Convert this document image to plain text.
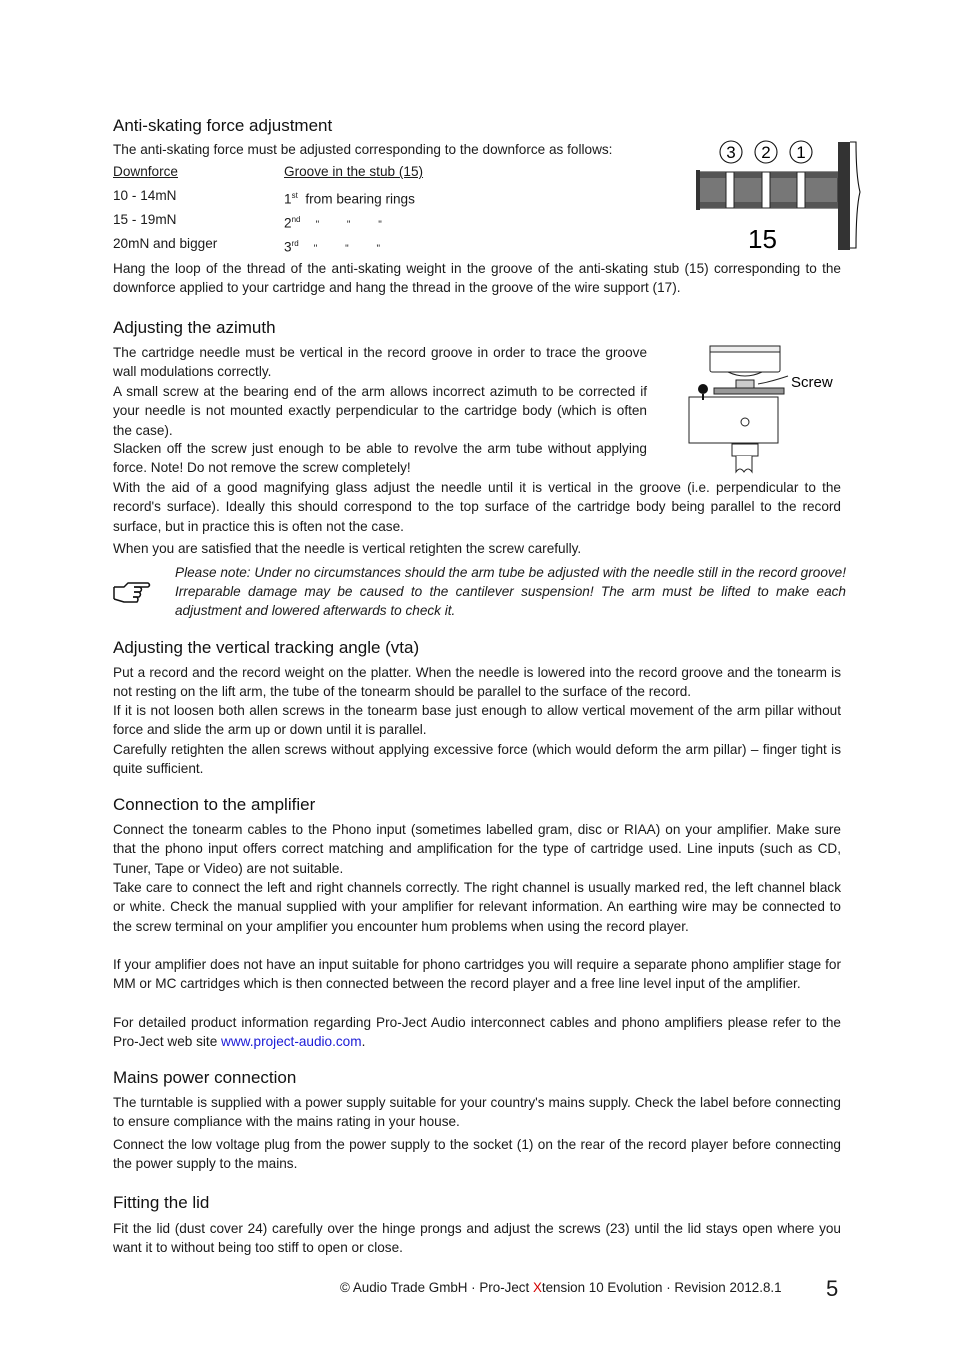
Anti-skating force adjustment
The anti-skating force must be adjusted corresponding to the downforce as follows:
Downforce	Groove in the stub (15)
10 - 14mN	1st from bearing rings
15 - 19mN	2nd    "          "          "
20mN and bigger	3rd    "          "          "
3 2 1
15

Hang the loop of the thread of the anti-skating weight in the groove of the anti-skating stub (15) corresponding to the downforce applied to your cartridge and hang the thread in the groove of the wire support (17).

Adjusting the azimuth

The cartridge needle must be vertical in the record groove in order to trace the groove wall modulations correctly.

A small screw at the bearing end of the arm allows incorrect azimuth to be corrected if your needle is not mounted exactly perpendicular to the cartridge body (which is often the case).

Slacken off the screw just enough to be able to revolve the arm tube without applying force. Note! Do not remove the screw completely!

Screw

With the aid of a good magnifying glass adjust the needle until it is vertical in the groove (i.e. perpendicular to the record's surface). Ideally this should correspond to the top surface of the cartridge body being parallel to the record surface, but in practice this is often not the case.

When you are satisfied that the needle is vertical retighten the screw carefully.

Please note: Under no circumstances should the arm tube be adjusted with the needle still in the record groove! Irreparable damage may be caused to the cantilever suspension! The arm must be lifted to make each adjustment and lowered afterwards to check it.

Adjusting the vertical tracking angle (vta)

Put a record and the record weight on the platter. When the needle is lowered into the record groove and the tonearm is not resting on the lift arm, the tube of the tonearm should be parallel to the surface of the record.

If it is not loosen both allen screws in the tonearm base just enough to allow vertical movement of the arm pillar without force and slide the arm up or down until it is parallel.

Carefully retighten the allen screws without applying excessive force (which would deform the arm pillar) – finger tight is quite sufficient.

Connection to the amplifier

Connect the tonearm cables to the Phono input (sometimes labelled gram, disc or RIAA) on your amplifier. Make sure that the phono input offers correct matching and amplification for the type of cartridge used. Line inputs (such as CD, Tuner, Tape or Video) are not suitable.

Take care to connect the left and right channels correctly. The right channel is usually marked red, the left channel black or white. Check the manual supplied with your amplifier for relevant information. An earthing wire may be connected to the screw terminal on your amplifier you encounter hum problems when using the record player.

If your amplifier does not have an input suitable for phono cartridges you will require a separate phono amplifier stage for MM or MC cartridges which is then connected between the record player and a free line level input of the amplifier.

For detailed product information regarding Pro-Ject Audio interconnect cables and phono amplifiers please refer to the Pro-Ject web site www.project-audio.com.

Mains power connection

The turntable is supplied with a power supply suitable for your country's mains supply. Check the label before connecting to ensure compliance with the mains rating in your house.

Connect the low voltage plug from the power supply to the socket (1) on the rear of the record player before connecting the power supply to the mains.

Fitting the lid

Fit the lid (dust cover 24) carefully over the hinge prongs and adjust the screws (23) until the lid stays open where you want it to without being too stiff to open or close.

© Audio Trade GmbH · Pro-Ject Xtension 10 Evolution · Revision 2012.8.1 5
